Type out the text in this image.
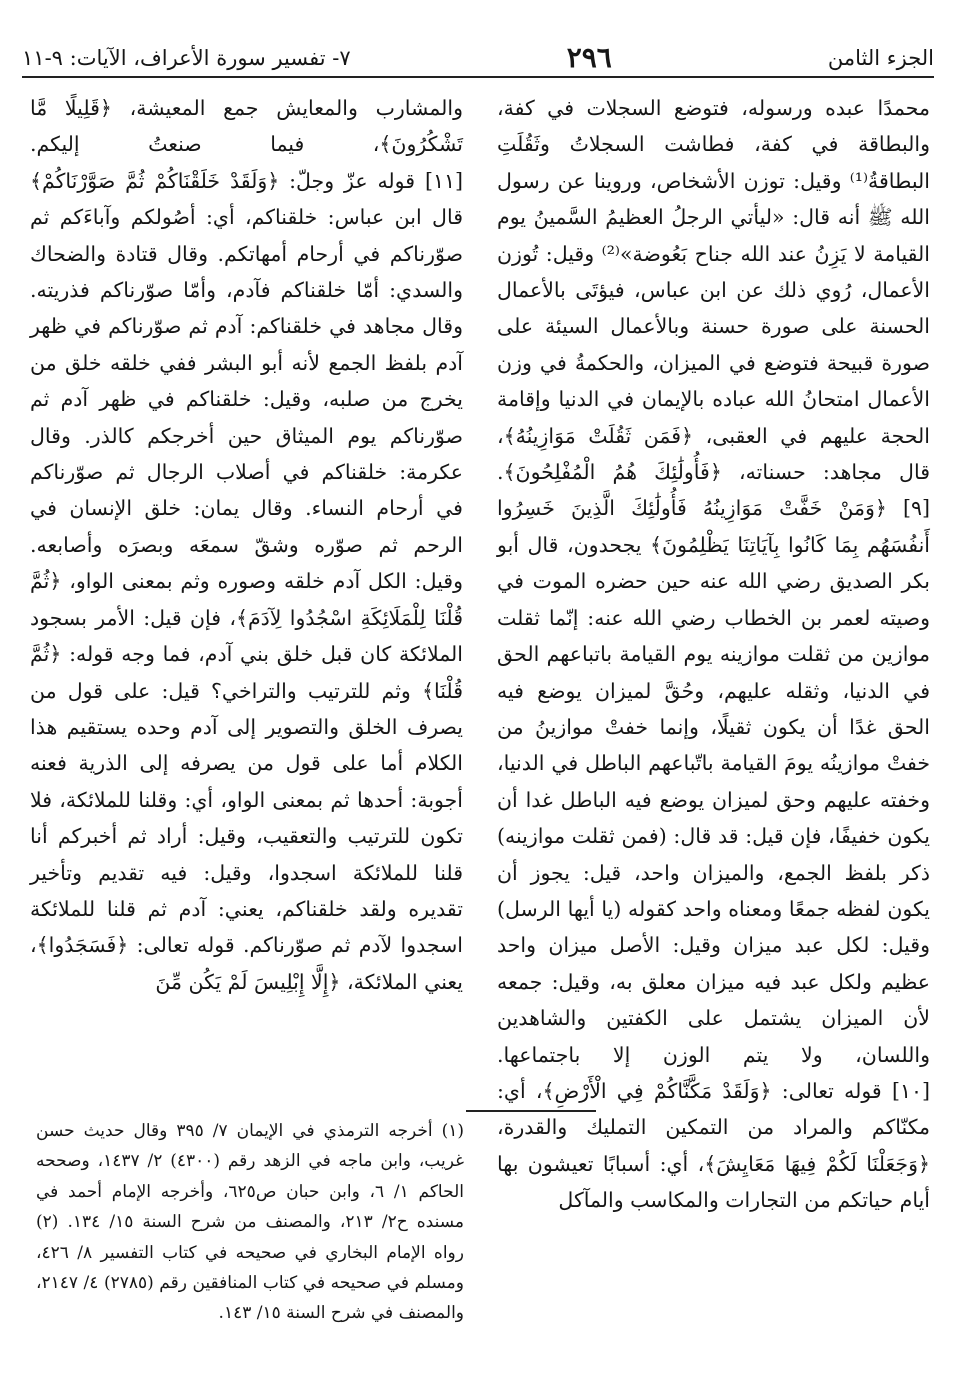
الجزء الثامن
٢٩٦
٧- تفسير سورة الأعراف، الآيات: ٩-١١

محمدًا عبده ورسوله، فتوضع السجلات في كفة، والبطاقة في كفة، فطاشت السجلاتُ وثَقُلَتِ البطاقةُ⁽¹⁾ وقيل: توزن الأشخاص، وروينا عن رسول الله ﷺ أنه قال: «ليأتي الرجلُ العظيمُ السَّمينُ يوم القيامة لا يَزِنُ عند الله جناح بَعُوضة»⁽²⁾ وقيل: تُوزن الأعمال، رُوي ذلك عن ابن عباس، فيؤتَى بالأعمال الحسنة على صورة حسنة وبالأعمال السيئة على صورة قبيحة فتوضع في الميزان، والحكمةُ في وزن الأعمال امتحانُ الله عباده بالإيمان في الدنيا وإقامة الحجة عليهم في العقبى، ﴿فَمَن ثَقُلَتْ مَوَازِينُهُ﴾، قال مجاهد: حسناته، ﴿فَأُولَٰئِكَ هُمُ الْمُفْلِحُونَ﴾.

[٩] ﴿وَمَنْ خَفَّتْ مَوَازِينُهُ فَأُولَٰئِكَ الَّذِينَ خَسِرُوا أَنفُسَهُم بِمَا كَانُوا بِآيَاتِنَا يَظْلِمُونَ﴾ يجحدون، قال أبو بكر الصديق رضي الله عنه حين حضره الموت في وصيته لعمر بن الخطاب رضي الله عنه: إنّما ثقلت موازين من ثقلت موازينه يوم القيامة باتباعهم الحق في الدنيا، وثقله عليهم، وحُقَّ لميزان يوضع فيه الحق غدًا أن يكون ثقيلًا، وإنما خفتْ موازينُ من خفتْ موازينُه يومَ القيامة باتّباعهم الباطل في الدنيا، وخفته عليهم وحق لميزان يوضع فيه الباطل غدا أن يكون خفيفًا، فإن قيل: قد قال: (فمن ثقلت موازينه) ذكر بلفظ الجمع، والميزان واحد، قيل: يجوز أن يكون لفظه جمعًا ومعناه واحد كقوله (يا أيها الرسل) وقيل: لكل عبد ميزان وقيل: الأصل ميزان واحد عظيم ولكل عبد فيه ميزان معلق به، وقيل: جمعه لأن الميزان يشتمل على الكفتين والشاهدين واللسان، ولا يتم الوزن إلا باجتماعها.

[١٠] قوله تعالى: ﴿وَلَقَدْ مَكَّنَّاكُمْ فِي الْأَرْضِ﴾، أي: مكنّاكم والمراد من التمكين التمليك والقدرة، ﴿وَجَعَلْنَا لَكُمْ فِيهَا مَعَايِشَ﴾، أي: أسبابًا تعيشون بها أيام حياتكم من التجارات والمكاسب والمآكل

والمشارب والمعايش جمع المعيشة، ﴿قَلِيلًا مَّا تَشْكُرُونَ﴾، فيما صنعتُ إليكم.

[١١] قوله عزّ وجلّ: ﴿وَلَقَدْ خَلَقْنَاكُمْ ثُمَّ صَوَّرْنَاكُمْ﴾ قال ابن عباس: خلقناكم، أي: أصُولكم وآباءَكم ثم صوّرناكم في أرحام أمهاتكم. وقال قتادة والضحاك والسدي: أمّا خلقناكم فآدم، وأمّا صوّرناكم فذريته. وقال مجاهد في خلقناكم: آدم ثم صوّرناكم في ظهر آدم بلفظ الجمع لأنه أبو البشر ففي خلقه خلق من يخرج من صلبه، وقيل: خلقناكم في ظهر آدم ثم صوّرناكم يوم الميثاق حين أخرجكم كالذر. وقال عكرمة: خلقناكم في أصلاب الرجال ثم صوّرناكم في أرحام النساء. وقال يمان: خلق الإنسان في الرحم ثم صوّره وشقّ سمعَه وبصرَه وأصابعه. وقيل: الكل آدم خلقه وصوره وثم بمعنى الواو، ﴿ثُمَّ قُلْنَا لِلْمَلَائِكَةِ اسْجُدُوا لِآدَمَ﴾، فإن قيل: الأمر بسجود الملائكة كان قبل خلق بني آدم، فما وجه قوله: ﴿ثُمَّ قُلْنَا﴾ وثم للترتيب والتراخي؟ قيل: على قول من يصرف الخلق والتصوير إلى آدم وحده يستقيم هذا الكلام أما على قول من يصرفه إلى الذرية فعنه أجوبة: أحدها ثم بمعنى الواو، أي: وقلنا للملائكة، فلا تكون للترتيب والتعقيب، وقيل: أراد ثم أخبركم أنا قلنا للملائكة اسجدوا، وقيل: فيه تقديم وتأخير تقديره ولقد خلقناكم، يعني: آدم ثم قلنا للملائكة اسجدوا لآدم ثم صوّرناكم. قوله تعالى: ﴿فَسَجَدُوا﴾، يعني الملائكة، ﴿إِلَّا إِبْلِيسَ لَمْ يَكُن مِّنَ

(١) أخرجه الترمذي في الإيمان ٧/ ٣٩٥ وقال حديث حسن غريب، وابن ماجه في الزهد رقم (٤٣٠٠) ٢/ ١٤٣٧، وصححه الحاكم ١/ ٦، وابن حبان ص٦٢٥، وأخرجه الإمام أحمد في مسنده ح٢/ ٢١٣، والمصنف من شرح السنة ١٥/ ١٣٤. (٢) رواه الإمام البخاري في صحيحه في كتاب التفسير ٨/ ٤٢٦، ومسلم في صحيحه في كتاب المنافقين رقم (٢٧٨٥) ٤/ ٢١٤٧، والمصنف في شرح السنة ١٥/ ١٤٣.
